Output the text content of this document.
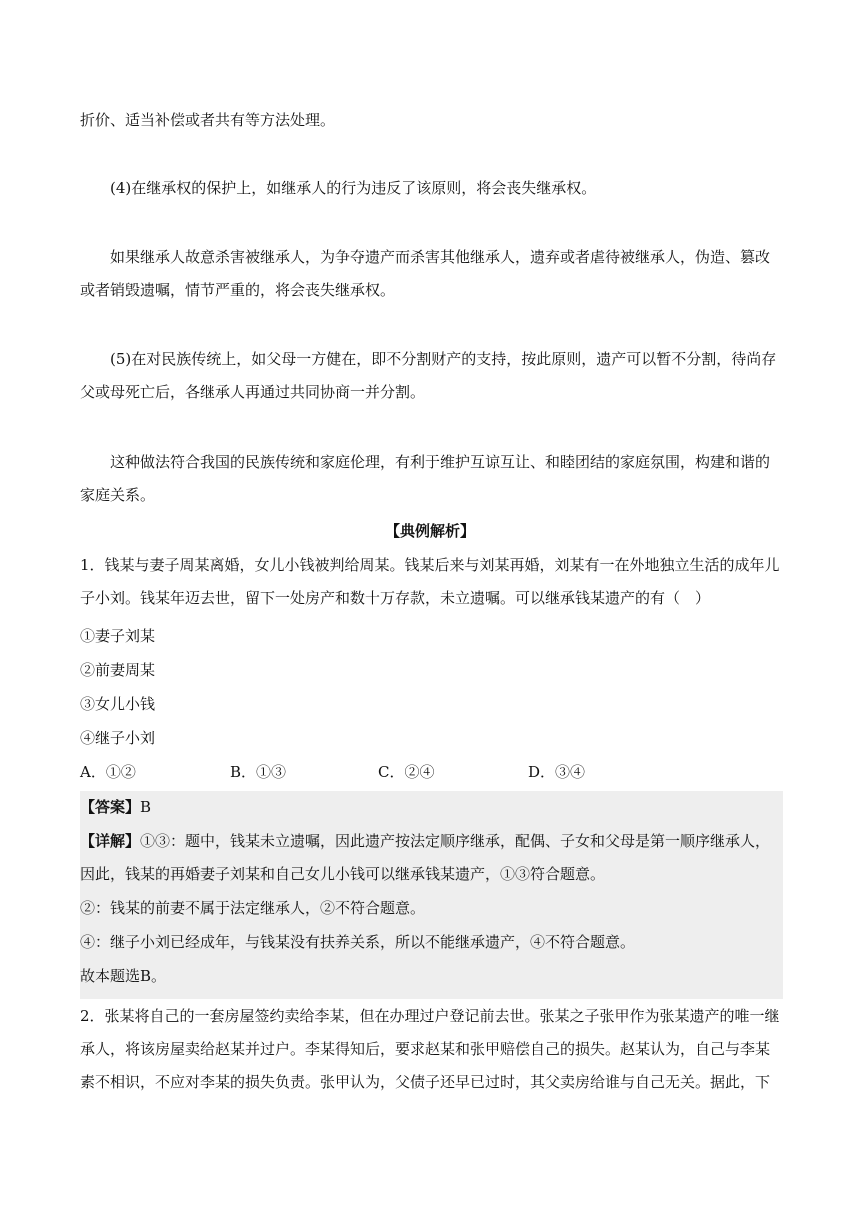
折价、适当补偿或者共有等方法处理。

(4)在继承权的保护上，如继承人的行为违反了该原则，将会丧失继承权。

如果继承人故意杀害被继承人，为争夺遗产而杀害其他继承人，遗弃或者虐待被继承人，伪造、篡改或者销毁遗嘱，情节严重的，将会丧失继承权。

(5)在对民族传统上，如父母一方健在，即不分割财产的支持，按此原则，遗产可以暂不分割，待尚存父或母死亡后，各继承人再通过共同协商一并分割。

这种做法符合我国的民族传统和家庭伦理，有利于维护互谅互让、和睦团结的家庭氛围，构建和谐的家庭关系。

【典例解析】

1．钱某与妻子周某离婚，女儿小钱被判给周某。钱某后来与刘某再婚，刘某有一在外地独立生活的成年儿子小刘。钱某年迈去世，留下一处房产和数十万存款，未立遗嘱。可以继承钱某遗产的有（　）

①妻子刘某

②前妻周某

③女儿小钱

④继子小刘

A．①②	B．①③	C．②④	D．③④

【答案】B

【详解】①③：题中，钱某未立遗嘱，因此遗产按法定顺序继承，配偶、子女和父母是第一顺序继承人，因此，钱某的再婚妻子刘某和自己女儿小钱可以继承钱某遗产，①③符合题意。

②：钱某的前妻不属于法定继承人，②不符合题意。

④：继子小刘已经成年，与钱某没有扶养关系，所以不能继承遗产，④不符合题意。

故本题选B。

2．张某将自己的一套房屋签约卖给李某，但在办理过户登记前去世。张某之子张甲作为张某遗产的唯一继承人，将该房屋卖给赵某并过户。李某得知后，要求赵某和张甲赔偿自己的损失。赵某认为，自己与李某素不相识，不应对李某的损失负责。张甲认为，父债子还早已过时，其父卖房给谁与自己无关。据此，下
